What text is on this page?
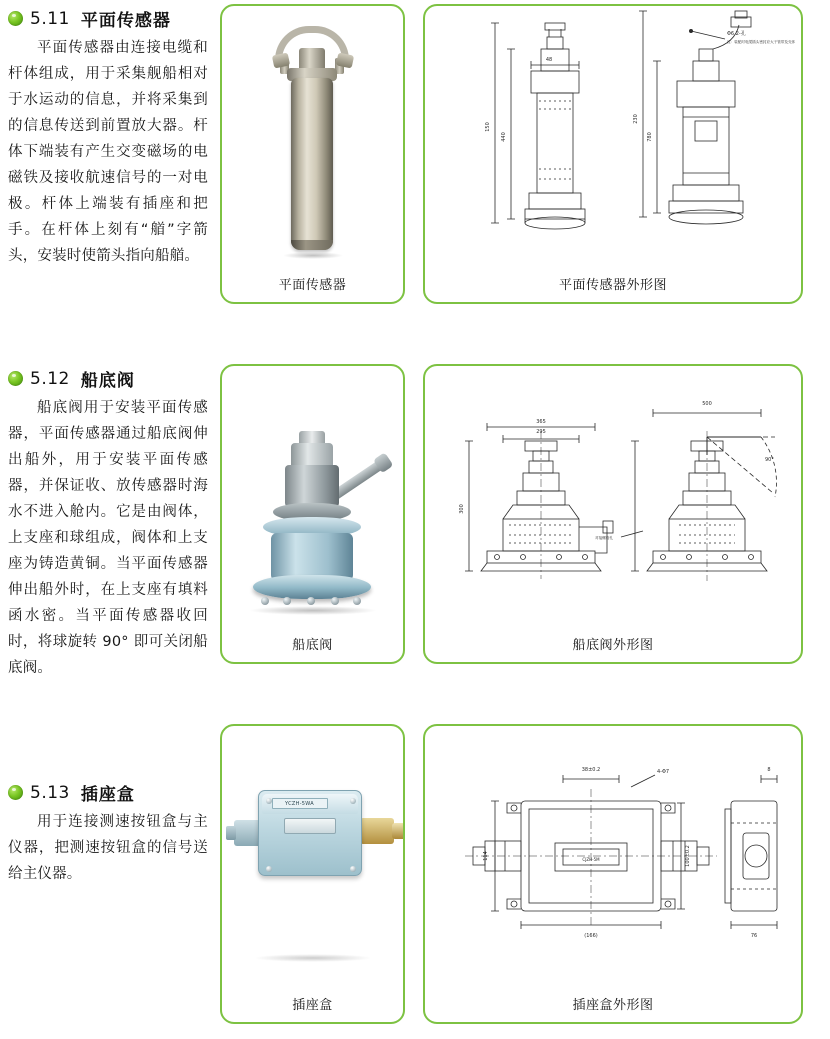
5.11 平面传感器

平面传感器由连接电缆和杆体组成，用于采集舰船相对于水运动的信息，并将采集到的信息传送到前置放大器。杆体下端装有产生交变磁场的电磁铁及接收航速信号的一对电极。杆体上端装有插座和把手。在杆体上刻有“艏”字箭头，安装时使箭头指向船艏。

平面传感器
48
440
150
780
230
Φ6 2-孔
注：装配时电缆插头密封应大于管带及壳体
平面传感器外形图
5.12 船底阀

船底阀用于安装平面传感器，平面传感器通过船底阀伸出船外，用于安装平面传感器，并保证收、放传感器时海水不进入舱内。它是由阀体，上支座和球组成，阀体和上支座为铸造黄铜。当平面传感器伸出船外时，在上支座有填料函水密。当平面传感器收回时，将球旋转 90° 即可关闭船底阀。

船底阀
365
295
300
500
90°
对接螺栓孔
船底阀外形图
5.13 插座盒

用于连接测速按钮盒与主仪器，把测速按钮盒的信号送给主仪器。

YCZH-5WA
插座盒
38±0.2	4-Φ7	8
114	100±0.2
(166)	76
CJZH-5M
插座盒外形图
